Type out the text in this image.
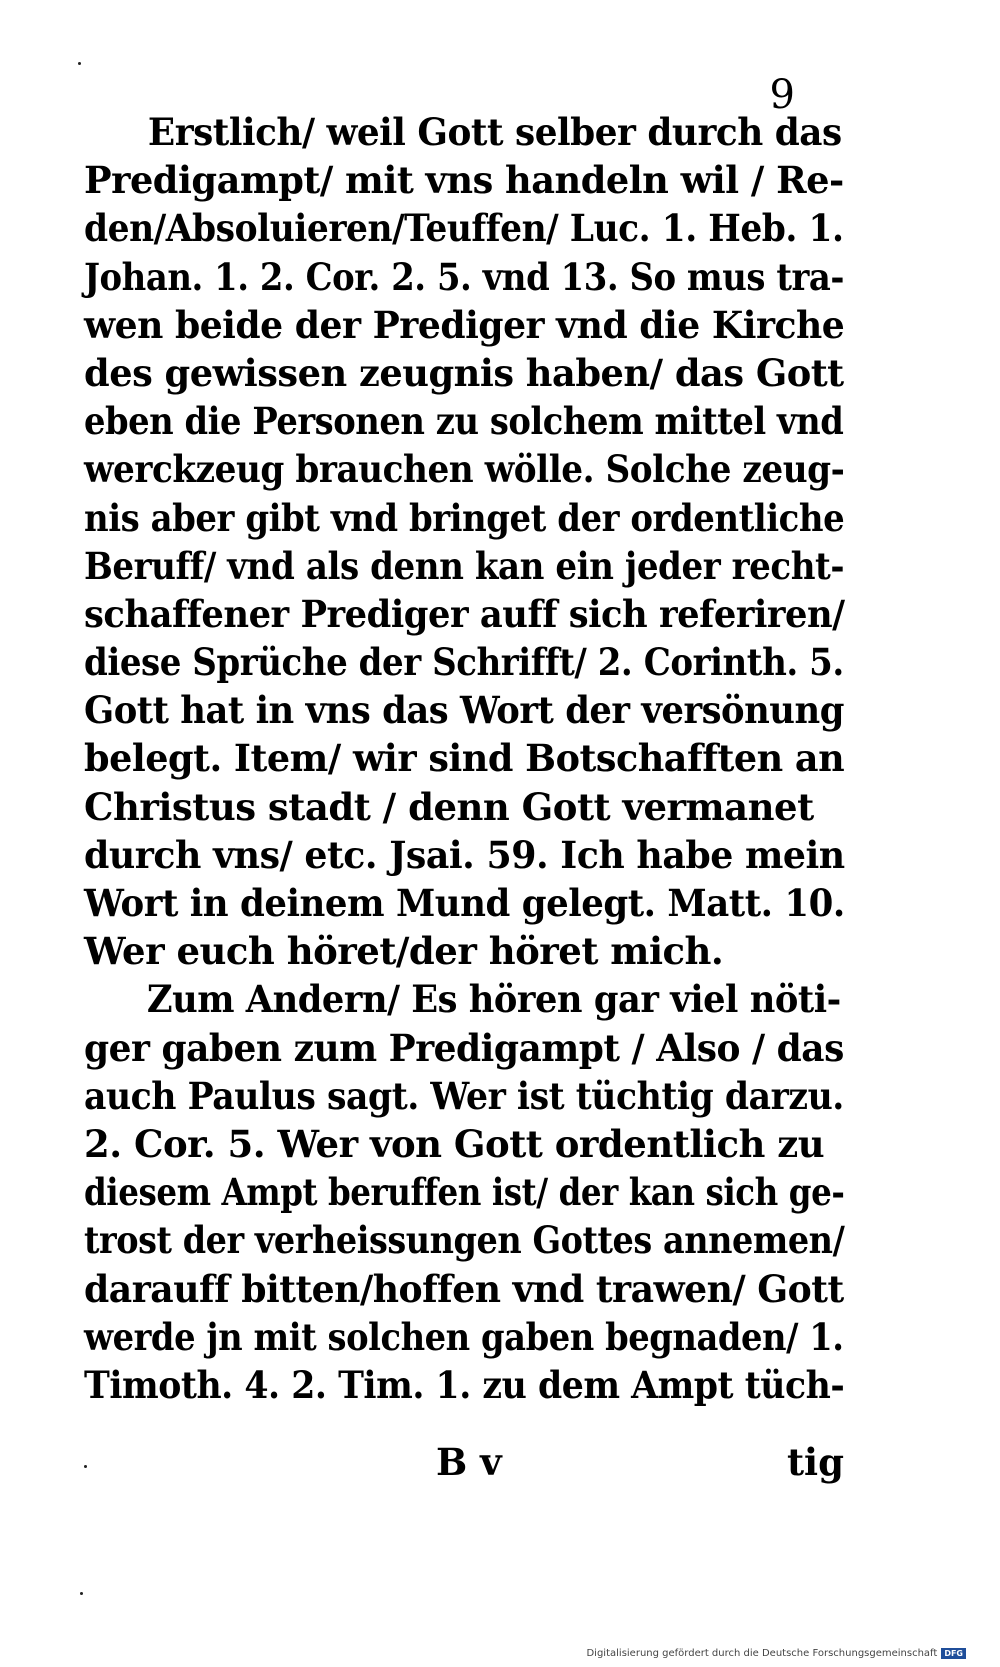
9
Erstlich/ weil Gott selber durch das
Predigampt/ mit vns handeln wil / Re-
den/Absoluieren/Teuffen/ Luc. 1. Heb. 1.
Johan. 1. 2. Cor. 2. 5. vnd 13. So mus tra-
wen beide der Prediger vnd die Kirche
des gewissen zeugnis haben/ das Gott
eben die Personen zu solchem mittel vnd
werckzeug brauchen wölle. Solche zeug-
nis aber gibt vnd bringet der ordentliche
Beruff/ vnd als denn kan ein jeder recht-
schaffener Prediger auff sich referiren/
diese Sprüche der Schrifft/ 2. Corinth. 5.
Gott hat in vns das Wort der versönung
belegt. Item/ wir sind Botschafften an
Christus stadt / denn Gott vermanet
durch vns/ etc. Jsai. 59. Ich habe mein
Wort in deinem Mund gelegt. Matt. 10.
Wer euch höret/der höret mich.
Zum Andern/ Es hören gar viel nöti-
ger gaben zum Predigampt / Also / das
auch Paulus sagt. Wer ist tüchtig darzu.
2. Cor. 5. Wer von Gott ordentlich zu
diesem Ampt beruffen ist/ der kan sich ge-
trost der verheissungen Gottes annemen/
darauff bitten/hoffen vnd trawen/ Gott
werde jn mit solchen gaben begnaden/ 1.
Timoth. 4. 2. Tim. 1. zu dem Ampt tüch-
B v	tig
Digitalisierung gefördert durch die Deutsche Forschungsgemeinschaft DFG
